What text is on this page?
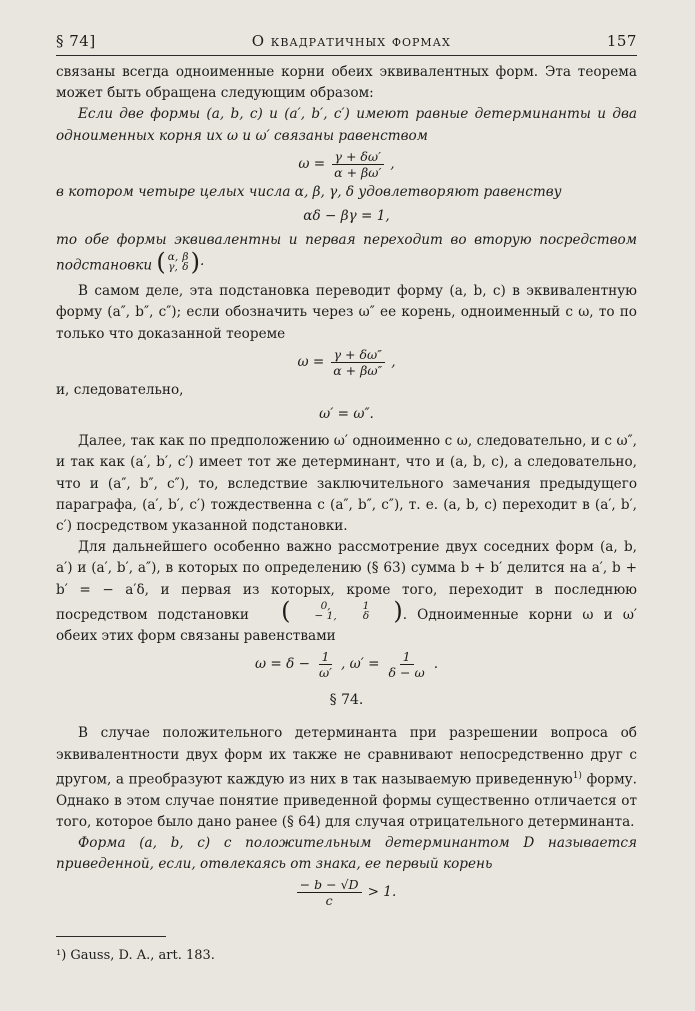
§ 74]	О квадратичных формах	157

связаны всегда одноименные корни обеих эквивалентных форм. Эта теорема может быть обращена следующим образом:

Если две формы (a, b, c) и (a′, b′, c′) имеют равные детерминанты и два одноименных корня их ω и ω′ связаны равенством

$\omega = \frac{\gamma + \delta\omega'}{\alpha + \beta\omega'}$ ,

в котором четыре целых числа α, β, γ, δ удовлетворяют равенству

αδ − βγ = 1,

то обе формы эквивалентны и первая переходит во вторую посредством подстановки ( α,
γ,
β
δ ) .

В самом деле, эта подстановка переводит форму (a, b, c) в эквивалентную форму (a″, b″, c″); если обозначить через ω″ ее корень, одноименный с ω, то по только что доказанной теореме

$\omega = \frac{\gamma + \delta\omega''}{\alpha + \beta\omega''}$ ,

и, следовательно,

ω′ = ω″.

Далее, так как по предположению ω′ одноименно с ω, следовательно, и с ω″, и так как (a′, b′, c′) имеет тот же детерминант, что и (a, b, c), а следовательно, что и (a″, b″, c″), то, вследствие заключительного замечания предыдущего параграфа, (a′, b′, c′) тождественна с (a″, b″, c″), т. е. (a, b, c) переходит в (a′, b′, c′) посредством указанной подстановки.

Для дальнейшего особенно важно рассмотрение двух соседних форм (a, b, a′) и (a′, b′, a″), в которых по определению (§ 63) сумма b + b′ делится на a′, b + b′ = − a′δ, и первая из которых, кроме того, переходит в последнюю посредством подстановки	(	0,
− 1,
1
δ	) . Одноименные корни ω и ω′ обеих этих форм связаны равенствами

$\omega = \delta - \frac{1}{\omega'}$ , $\omega' = \frac{1}{\delta - \omega}$ .
§ 74.

В случае положительного детерминанта при разрешении вопроса об эквивалентности двух форм их также не сравнивают непосредственно друг с другом, а преобразуют каждую из них в так называемую приведенную$^{1)}$ форму. Однако в этом случае понятие приведенной формы существенно отличается от того, которое было дано ранее (§ 64) для случая отрицательного детерминанта.

Форма (a, b, c) с положительным детерминантом D называется приведенной, если, отвлекаясь от знака, ее первый корень

$\frac{- b - √D}{c} > 1$.
¹) Gauss, D. A., art. 183.
